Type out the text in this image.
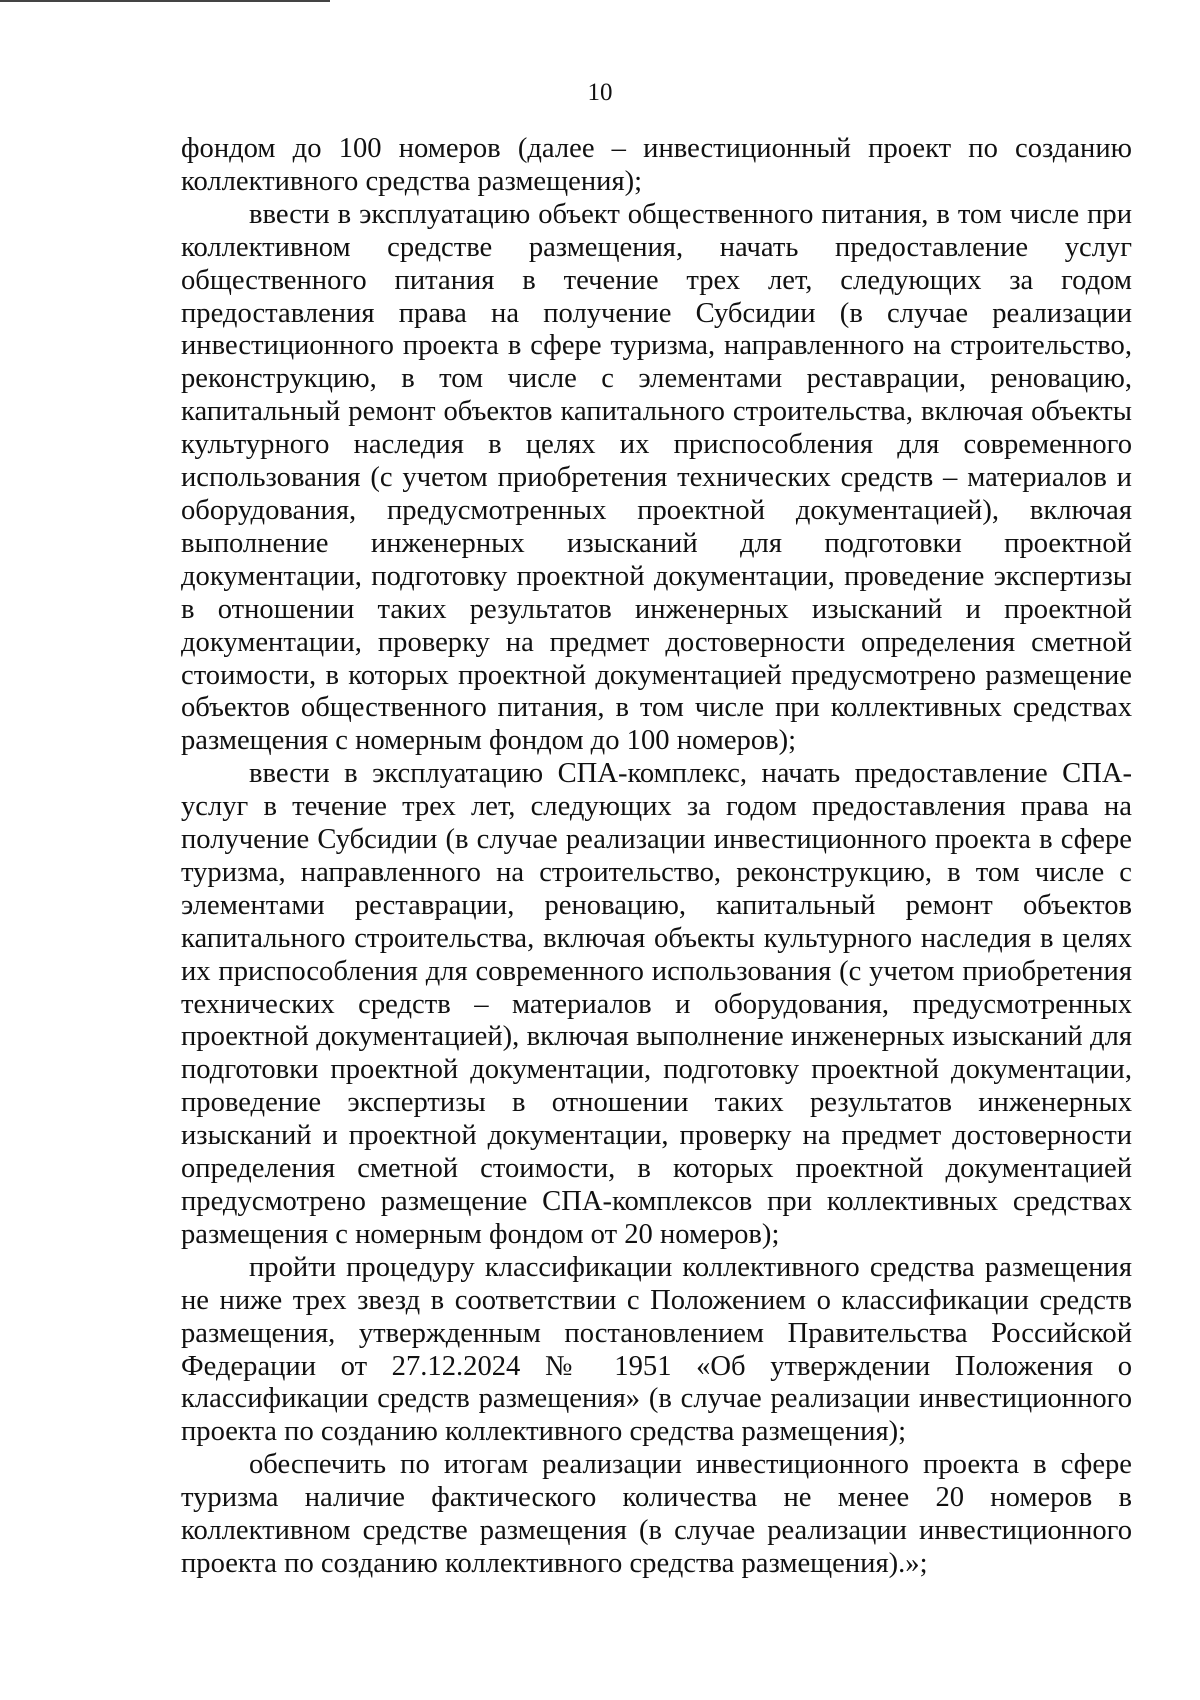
10

фондом до 100 номеров (далее – инвестиционный проект по созданию коллективного средства размещения);

ввести в эксплуатацию объект общественного питания, в том числе при коллективном средстве размещения, начать предоставление услуг общественного питания в течение трех лет, следующих за годом предоставления права на получение Субсидии (в случае реализации инвестиционного проекта в сфере туризма, направленного на строительство, реконструкцию, в том числе с элементами реставрации, реновацию, капитальный ремонт объектов капитального строительства, включая объекты культурного наследия в целях их приспособления для современного использования (с учетом приобретения технических средств – материалов и оборудования, предусмотренных проектной документацией), включая выполнение инженерных изысканий для подготовки проектной документации, подготовку проектной документации, проведение экспертизы в отношении таких результатов инженерных изысканий и проектной документации, проверку на предмет достоверности определения сметной стоимости, в которых проектной документацией предусмотрено размещение объектов общественного питания, в том числе при коллективных средствах размещения с номерным фондом до 100 номеров);

ввести в эксплуатацию СПА-комплекс, начать предоставление СПА-услуг в течение трех лет, следующих за годом предоставления права на получение Субсидии (в случае реализации инвестиционного проекта в сфере туризма, направленного на строительство, реконструкцию, в том числе с элементами реставрации, реновацию, капитальный ремонт объектов капитального строительства, включая объекты культурного наследия в целях их приспособления для современного использования (с учетом приобретения технических средств – материалов и оборудования, предусмотренных проектной документацией), включая выполнение инженерных изысканий для подготовки проектной документации, подготовку проектной документации, проведение экспертизы в отношении таких результатов инженерных изысканий и проектной документации, проверку на предмет достоверности определения сметной стоимости, в которых проектной документацией предусмотрено размещение СПА-комплексов при коллективных средствах размещения с номерным фондом от 20 номеров);

пройти процедуру классификации коллективного средства размещения не ниже трех звезд в соответствии с Положением о классификации средств размещения, утвержденным постановлением Правительства Российской Федерации от 27.12.2024 № 1951 «Об утверждении Положения о классификации средств размещения» (в случае реализации инвестиционного проекта по созданию коллективного средства размещения);

обеспечить по итогам реализации инвестиционного проекта в сфере туризма наличие фактического количества не менее 20 номеров в коллективном средстве размещения (в случае реализации инвестиционного проекта по созданию коллективного средства размещения).»;
